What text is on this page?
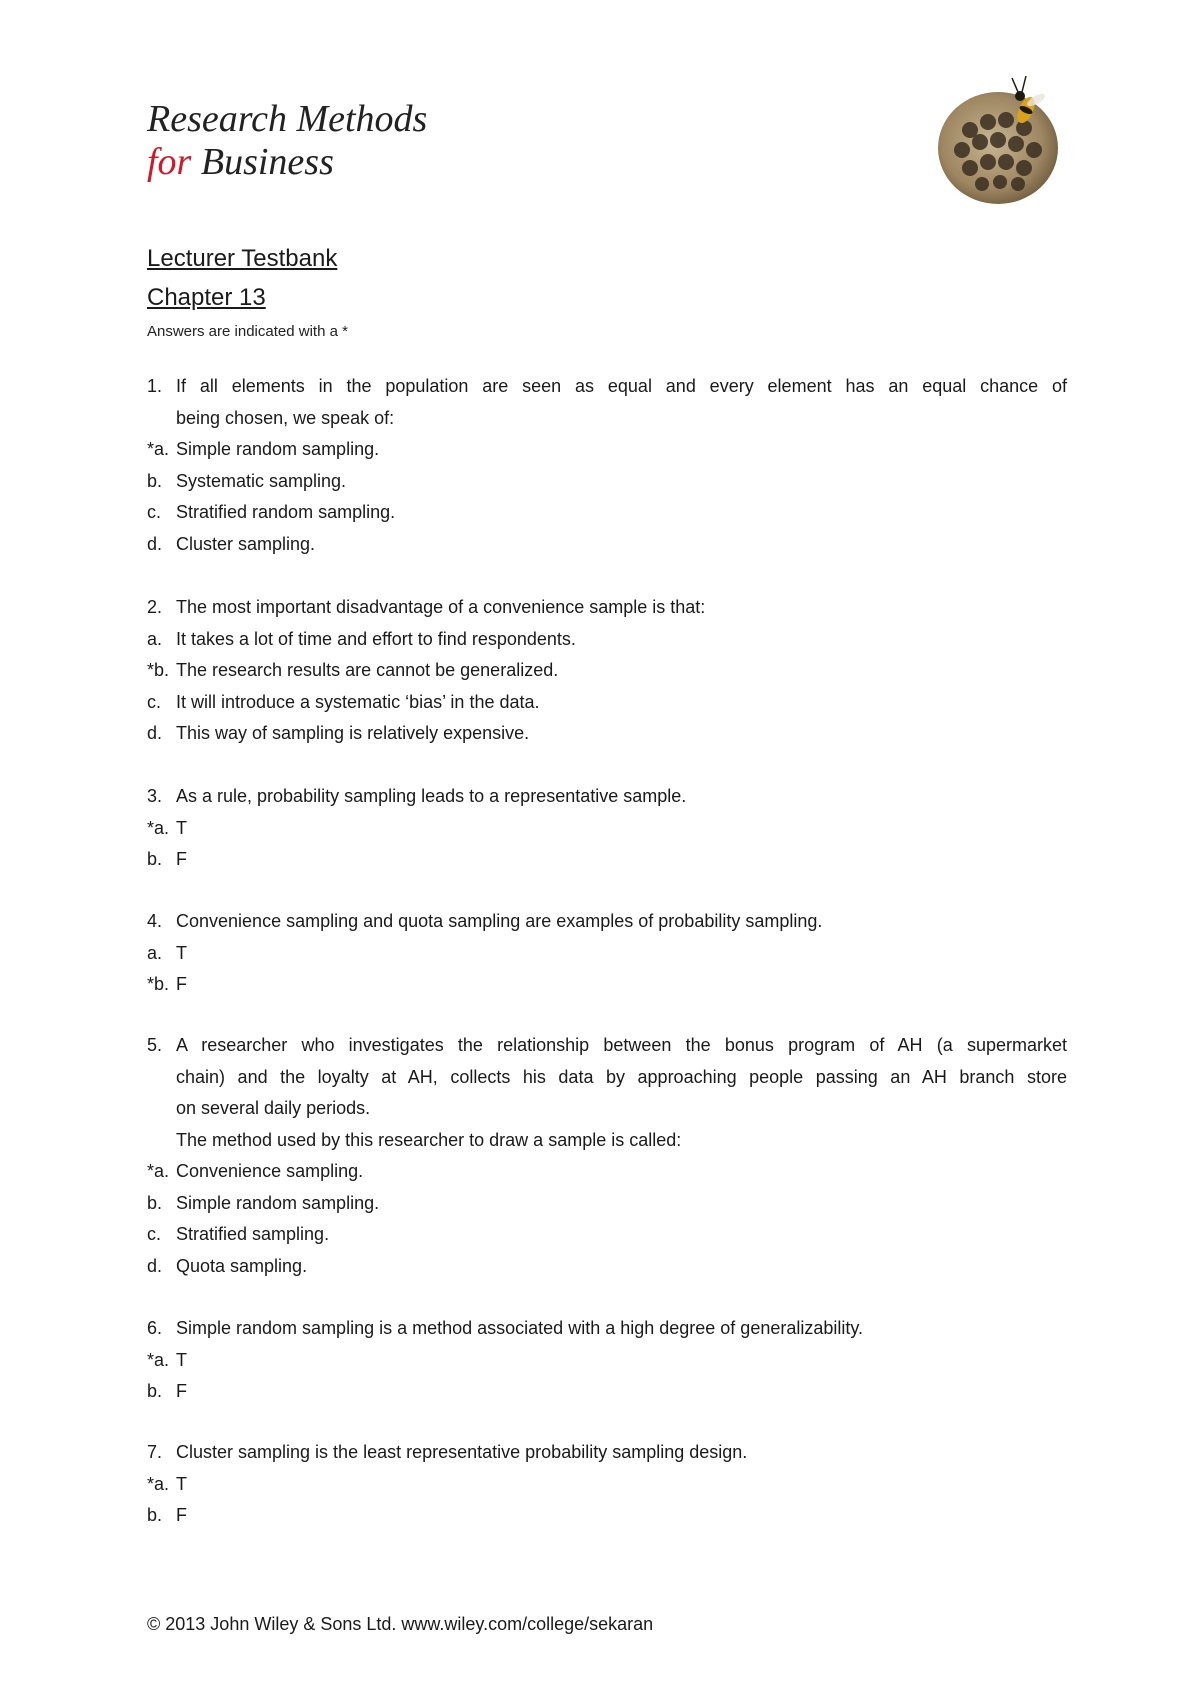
Research Methods
for Business
Lecturer Testbank
Chapter 13
Answers are indicated with a *
1. If all elements in the population are seen as equal and every element has an equal chance of
being chosen, we speak of:
*a. Simple random sampling.
b. Systematic sampling.
c. Stratified random sampling.
d. Cluster sampling.
2. The most important disadvantage of a convenience sample is that:
a. It takes a lot of time and effort to find respondents.
*b. The research results are cannot be generalized.
c. It will introduce a systematic ‘bias’ in the data.
d. This way of sampling is relatively expensive.
3. As a rule, probability sampling leads to a representative sample.
*a. T
b. F
4. Convenience sampling and quota sampling are examples of probability sampling.
a. T
*b. F
5. A researcher who investigates the relationship between the bonus program of AH (a supermarket
chain) and the loyalty at AH, collects his data by approaching people passing an AH branch store
on several daily periods.
The method used by this researcher to draw a sample is called:
*a. Convenience sampling.
b. Simple random sampling.
c. Stratified sampling.
d. Quota sampling.
6. Simple random sampling is a method associated with a high degree of generalizability.
*a. T
b. F
7. Cluster sampling is the least representative probability sampling design.
*a. T
b. F
© 2013 John Wiley & Sons Ltd. www.wiley.com/college/sekaran
